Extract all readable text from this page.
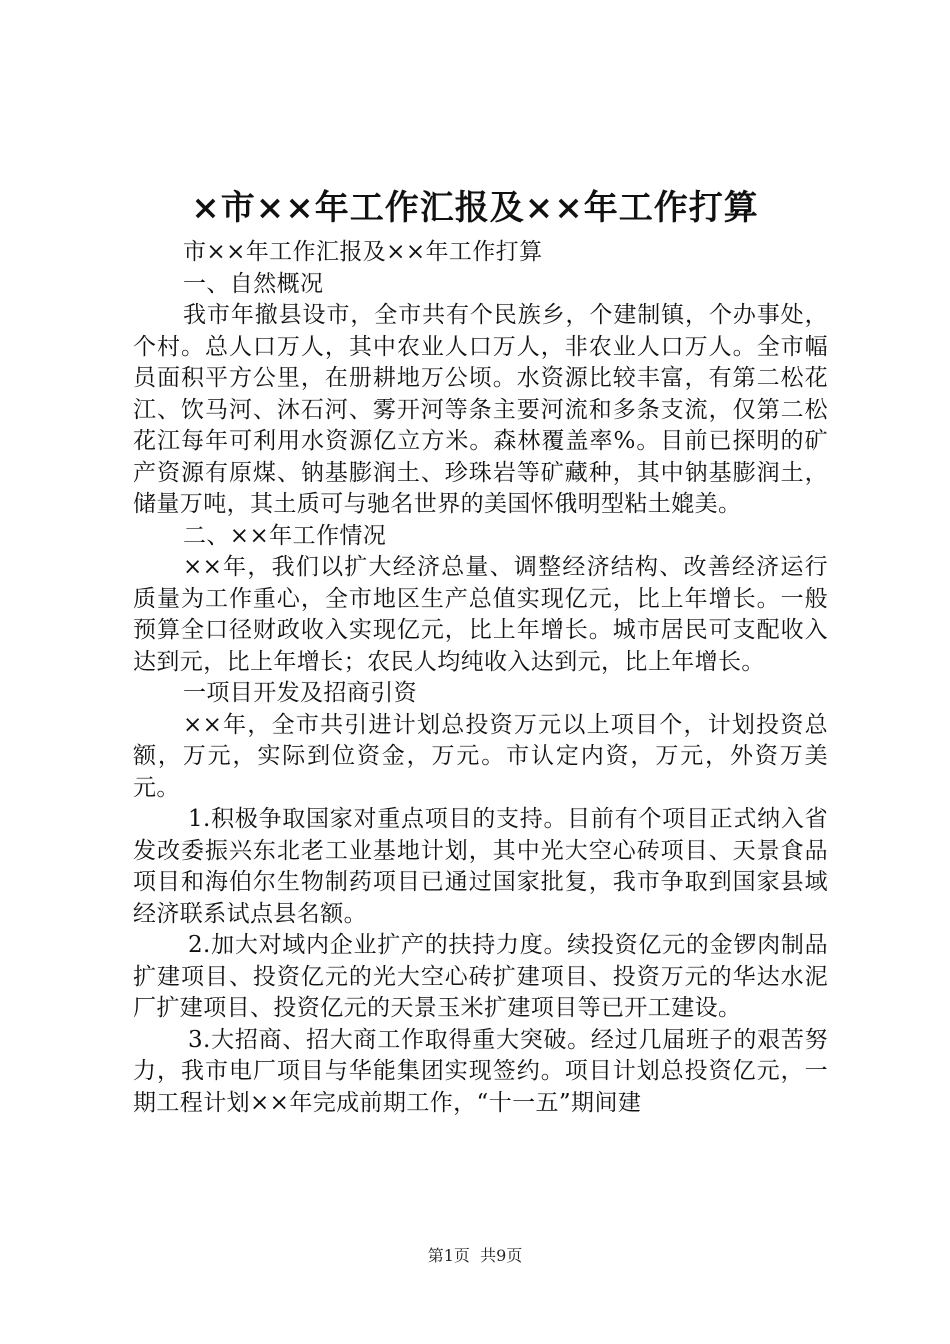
×市××年工作汇报及××年工作打算

市××年工作汇报及××年工作打算

一、自然概况

我市年撤县设市，全市共有个民族乡，个建制镇，个办事处，个村。总人口万人，其中农业人口万人，非农业人口万人。全市幅员面积平方公里，在册耕地万公顷。水资源比较丰富，有第二松花江、饮马河、沐石河、雾开河等条主要河流和多条支流，仅第二松花江每年可利用水资源亿立方米。森林覆盖率%。目前已探明的矿产资源有原煤、钠基膨润土、珍珠岩等矿藏种，其中钠基膨润土，储量万吨，其土质可与驰名世界的美国怀俄明型粘土媲美。

二、××年工作情况

××年，我们以扩大经济总量、调整经济结构、改善经济运行质量为工作重心，全市地区生产总值实现亿元，比上年增长。一般预算全口径财政收入实现亿元，比上年增长。城市居民可支配收入达到元，比上年增长；农民人均纯收入达到元，比上年增长。

一项目开发及招商引资

××年，全市共引进计划总投资万元以上项目个，计划投资总额，万元，实际到位资金，万元。市认定内资，万元，外资万美元。

1.积极争取国家对重点项目的支持。目前有个项目正式纳入省发改委振兴东北老工业基地计划，其中光大空心砖项目、天景食品项目和海伯尔生物制药项目已通过国家批复，我市争取到国家县域经济联系试点县名额。

2.加大对域内企业扩产的扶持力度。续投资亿元的金锣肉制品扩建项目、投资亿元的光大空心砖扩建项目、投资万元的华达水泥厂扩建项目、投资亿元的天景玉米扩建项目等已开工建设。

3.大招商、招大商工作取得重大突破。经过几届班子的艰苦努力，我市电厂项目与华能集团实现签约。项目计划总投资亿元，一期工程计划××年完成前期工作，“十一五”期间建

第1页  共9页
